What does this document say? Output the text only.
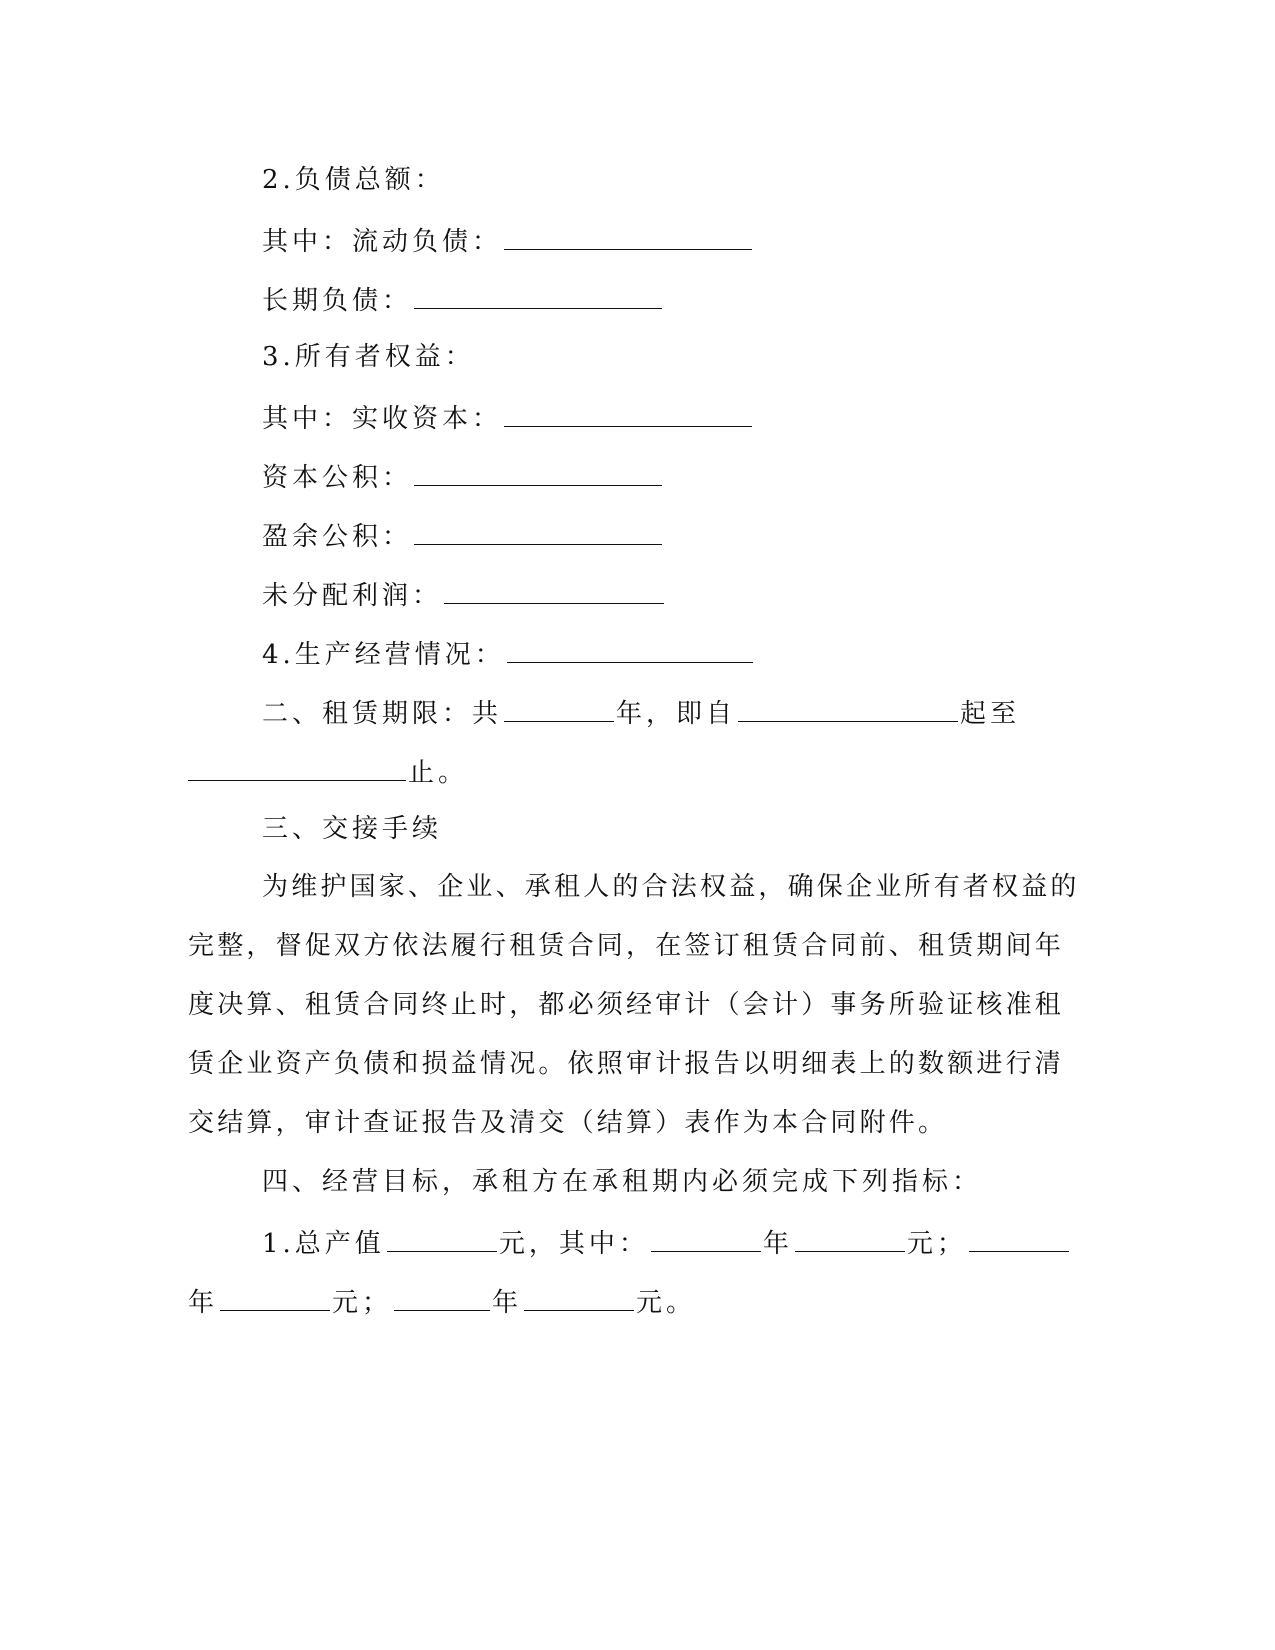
2.负债总额：
其中：流动负债：
长期负债：
3.所有者权益：
其中：实收资本：
资本公积：
盈余公积：
未分配利润：
4.生产经营情况：
二、租赁期限：共	年，即自	起至
止。
三、交接手续
为维护国家、企业、承租人的合法权益，确保企业所有者权益的
完整，督促双方依法履行租赁合同，在签订租赁合同前、租赁期间年
度决算、租赁合同终止时，都必须经审计（会计）事务所验证核准租
赁企业资产负债和损益情况。依照审计报告以明细表上的数额进行清
交结算，审计查证报告及清交（结算）表作为本合同附件。
四、经营目标，承租方在承租期内必须完成下列指标：
1.总产值	元，其中：	年	元；
年	元；	年	元。
